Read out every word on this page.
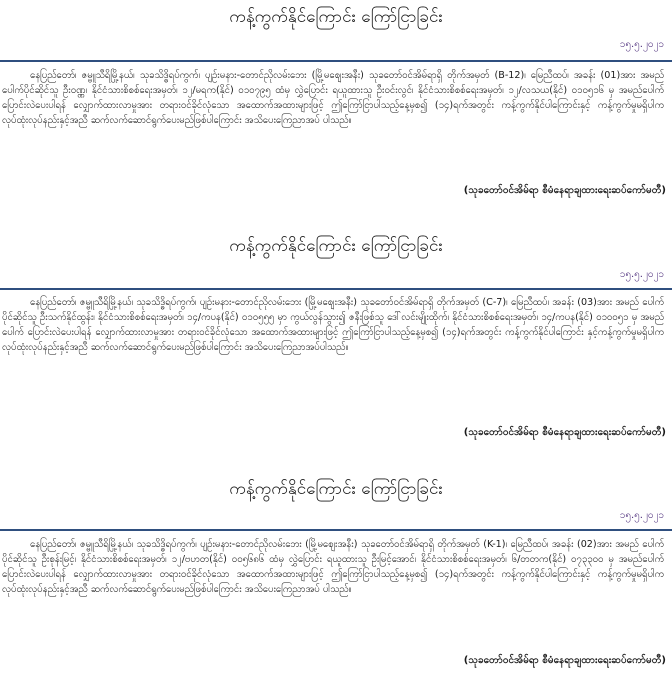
ကန့်ကွက်နိုင်ကြောင်း ကြော်ငြာခြင်း
၁၅.၅.၂၀၂၁
နေပြည်တော်၊ ဇမ္ဗူသီရိမြို့နယ်၊ သုခသိဒ္ဓိရပ်ကွက်၊ ပျဉ်းမနား-တောင်ညိုလမ်းဘေး (မြို့မစျေးအနီး) သုခတော်ဝင်အိမ်ရာရှိ တိုက်အမှတ် (B-12)၊ မြေညီထပ်၊ အခန်း (01)အား အမည် ပေါက်ပိုင်ဆိုင်သူ ဦးဝဏ္ဏ၊ နိုင်ငံသားစိစစ်ရေးအမှတ်၊ ၁၂/မရက(နိုင်) ၀၁၀၇၉၅ ထံမှ လွှဲပြောင်း ရယူထားသူ ဦးဝင်းလွင်၊ နိုင်ငံသားစိစစ်ရေးအမှတ်၊ ၁၂/လသယ(နိုင်) ၀၁၀၅၁၆ မှ အမည်ပေါက် ပြောင်းလဲပေးပါရန် လျှောက်ထားလာမှုအား တရားဝင်ခိုင်လုံသော အထောက်အထားများဖြင့် ဤကြော်ငြာပါသည့်နေ့မှစ၍ (၁၄)ရက်အတွင်း ကန့်ကွက်နိုင်ပါကြောင်းနှင့် ကန့်ကွက်မှုမရှိပါက လုပ်ထုံးလုပ်နည်းနှင့်အညီ ဆက်လက်ဆောင်ရွက်ပေးမည်ဖြစ်ပါကြောင်း အသိပေးကြေညာအပ် ပါသည်။
(သုခတော်ဝင်အိမ်ရာ စီမံနေရာချထားရေးဆပ်ကော်မတီ)
ကန့်ကွက်နိုင်ကြောင်း ကြော်ငြာခြင်း
၁၅.၅.၂၀၂၁
နေပြည်တော်၊ ဇမ္ဗူသီရိမြို့နယ်၊ သုခသိဒ္ဓိရပ်ကွက်၊ ပျဉ်းမနား-တောင်ညိုလမ်းဘေး (မြို့မစျေးအနီး) သုခတော်ဝင်အိမ်ရာရှိ တိုက်အမှတ် (C-7)၊ မြေညီထပ်၊ အခန်း (03)အား အမည် ပေါက်ပိုင်ဆိုင်သူ ဦးသက်နိုင်ထွန်း၊ နိုင်ငံသားစိစစ်ရေးအမှတ်၊ ၁၄/ကပန(နိုင်) ၀၁၀၅၅၅ မှာ ကွယ်လွန်သွား၍ ဇနီးဖြစ်သူ ဒေါ်လင်းမျိုးထိုက်၊ နိုင်ငံသားစိစစ်ရေးအမှတ်၊ ၁၄/ကပန(နိုင်) ၀၁၀၀၅၁ မှ အမည်ပေါက် ပြောင်းလဲပေးပါရန် လျှောက်ထားလာမှုအား တရားဝင်ခိုင်လုံသော အထောက်အထားများဖြင့် ဤကြော်ငြာပါသည့်နေ့မှစ၍ (၁၄)ရက်အတွင်း ကန့်ကွက်နိုင်ပါကြောင်း နှင့်ကန့်ကွက်မှုမရှိပါက လုပ်ထုံးလုပ်နည်းနှင့်အညီ ဆက်လက်ဆောင်ရွက်ပေးမည်ဖြစ်ပါကြောင်း အသိပေးကြေညာအပ်ပါသည်။
(သုခတော်ဝင်အိမ်ရာ စီမံနေရာချထားရေးဆပ်ကော်မတီ)
ကန့်ကွက်နိုင်ကြောင်း ကြော်ငြာခြင်း
၁၅.၅.၂၀၂၁
နေပြည်တော်၊ ဇမ္ဗူသီရိမြို့နယ်၊ သုခသိဒ္ဓိရပ်ကွက်၊ ပျဉ်းမနား-တောင်ညိုလမ်းဘေး (မြို့မစျေးအနီး) သုခတော်ဝင်အိမ်ရာရှိ တိုက်အမှတ် (K-1)၊ မြေညီထပ်၊ အခန်း (02)အား အမည် ပေါက်ပိုင်ဆိုင်သူ ဦးစုန်းမြင့်၊ နိုင်ငံသားစိစစ်ရေးအမှတ်၊ ၁၂/ဗဟတ(နိုင်) ၀၀၅၆၈၆ ထံမှ လွှဲပြောင်း ရယူထားသူ ဦးမြင့်အောင်၊ နိုင်ငံသားစိစစ်ရေးအမှတ်၊ ၆/တတက(နိုင်) ၀၇၃၃၀၀ မှ အမည်ပေါက် ပြောင်းလဲပေးပါရန် လျှောက်ထားလာမှုအား တရားဝင်ခိုင်လုံသော အထောက်အထားများဖြင့် ဤကြော်ငြာပါသည့်နေ့မှစ၍ (၁၄)ရက်အတွင်း ကန့်ကွက်နိုင်ပါကြောင်းနှင့် ကန့်ကွက်မှုမရှိပါက လုပ်ထုံးလုပ်နည်းနှင့်အညီ ဆက်လက်ဆောင်ရွက်ပေးမည်ဖြစ်ပါကြောင်း အသိပေးကြေညာအပ် ပါသည်။
(သုခတော်ဝင်အိမ်ရာ စီမံနေရာချထားရေးဆပ်ကော်မတီ)
